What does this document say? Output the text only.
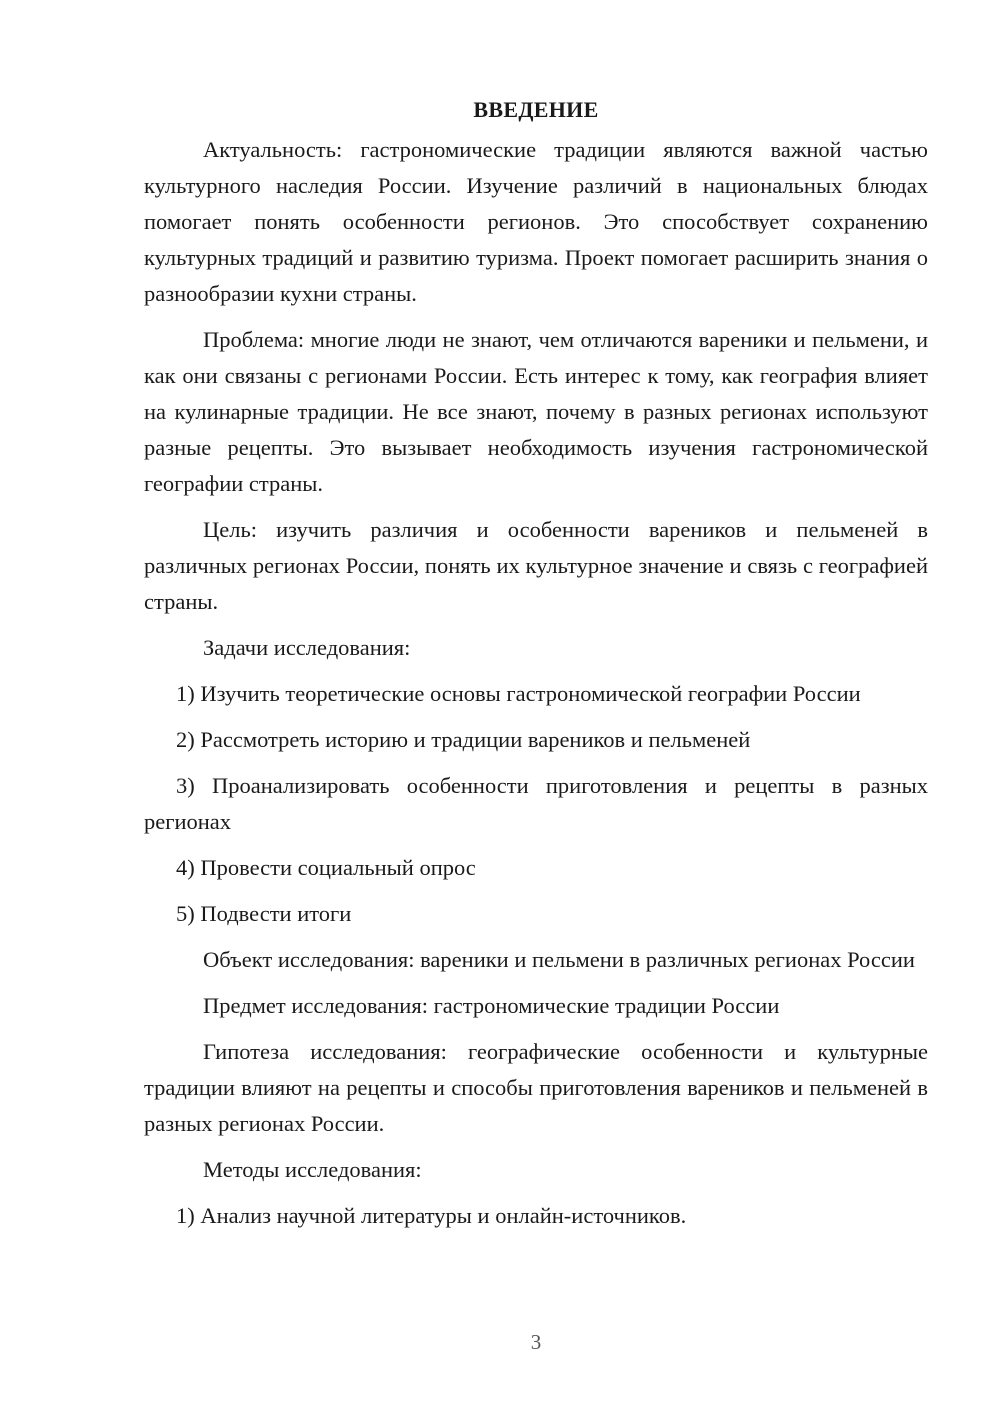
ВВЕДЕНИЕ

Актуальность: гастрономические традиции являются важной частью культурного наследия России. Изучение различий в национальных блюдах помогает понять особенности регионов. Это способствует сохранению культурных традиций и развитию туризма. Проект помогает расширить знания о разнообразии кухни страны.

Проблема: многие люди не знают, чем отличаются вареники и пельмени, и как они связаны с регионами России. Есть интерес к тому, как география влияет на кулинарные традиции. Не все знают, почему в разных регионах используют разные рецепты. Это вызывает необходимость изучения гастрономической географии страны.

Цель: изучить различия и особенности вареников и пельменей в различных регионах России, понять их культурное значение и связь с географией страны.

Задачи исследования:

1) Изучить теоретические основы гастрономической географии России

2) Рассмотреть историю и традиции вареников и пельменей

3) Проанализировать особенности приготовления и рецепты в разных регионах

4) Провести социальный опрос

5) Подвести итоги

Объект исследования: вареники и пельмени в различных регионах России

Предмет исследования: гастрономические традиции России

Гипотеза исследования: географические особенности и культурные традиции влияют на рецепты и способы приготовления вареников и пельменей в разных регионах России.

Методы исследования:

1) Анализ научной литературы и онлайн-источников.

3
